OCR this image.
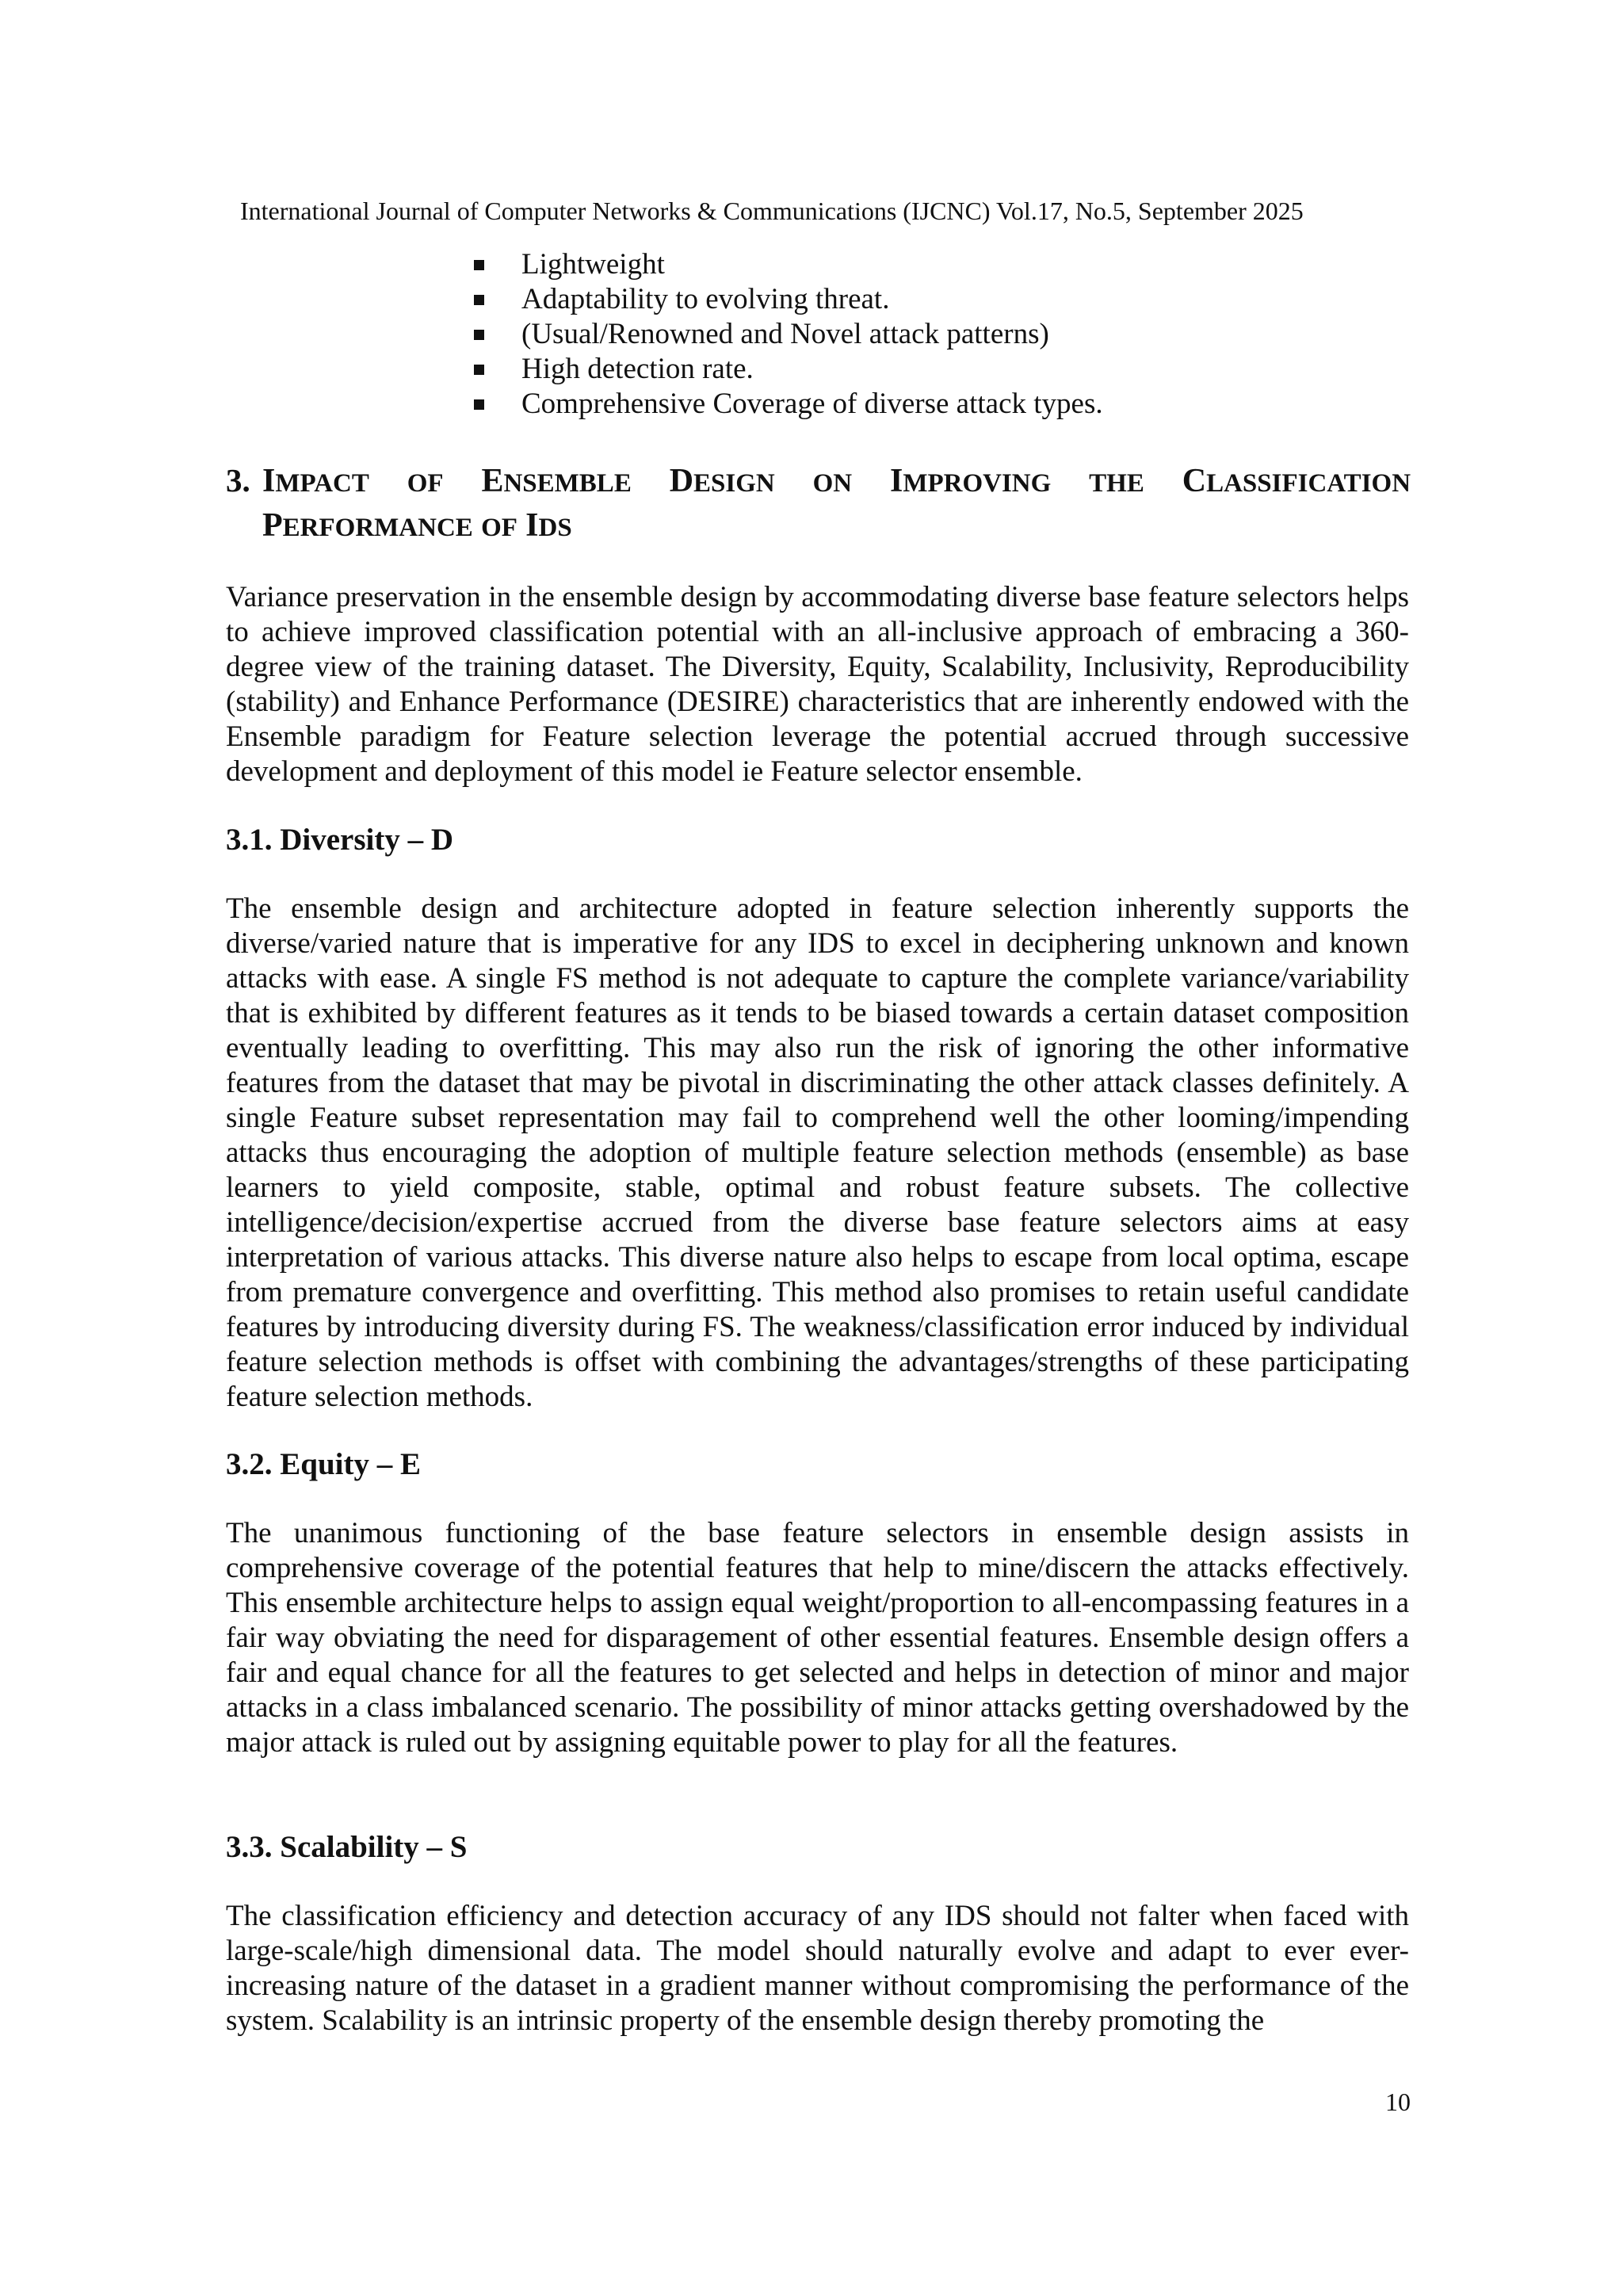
International Journal of Computer Networks & Communications (IJCNC) Vol.17, No.5, September 2025
Lightweight
Adaptability to evolving threat.
(Usual/Renowned and Novel attack patterns)
High detection rate.
Comprehensive Coverage of diverse attack types.
3. IMPACT OF ENSEMBLE DESIGN ON IMPROVING THE CLASSIFICATION
PERFORMANCE OF IDS

Variance preservation in the ensemble design by accommodating diverse base feature selectors helps to achieve improved classification potential with an all-inclusive approach of embracing a 360-degree view of the training dataset. The Diversity, Equity, Scalability, Inclusivity, Reproducibility (stability) and Enhance Performance (DESIRE) characteristics that are inherently endowed with the Ensemble paradigm for Feature selection leverage the potential accrued through successive development and deployment of this model ie Feature selector ensemble.

3.1. Diversity – D

The ensemble design and architecture adopted in feature selection inherently supports the diverse/varied nature that is imperative for any IDS to excel in deciphering unknown and known attacks with ease. A single FS method is not adequate to capture the complete variance/variability that is exhibited by different features as it tends to be biased towards a certain dataset composition eventually leading to overfitting. This may also run the risk of ignoring the other informative features from the dataset that may be pivotal in discriminating the other attack classes definitely. A single Feature subset representation may fail to comprehend well the other looming/impending attacks thus encouraging the adoption of multiple feature selection methods (ensemble) as base learners to yield composite, stable, optimal and robust feature subsets. The collective intelligence/decision/expertise accrued from the diverse base feature selectors aims at easy interpretation of various attacks. This diverse nature also helps to escape from local optima, escape from premature convergence and overfitting. This method also promises to retain useful candidate features by introducing diversity during FS. The weakness/classification error induced by individual feature selection methods is offset with combining the advantages/strengths of these participating feature selection methods.

3.2. Equity – E

The unanimous functioning of the base feature selectors in ensemble design assists in comprehensive coverage of the potential features that help to mine/discern the attacks effectively. This ensemble architecture helps to assign equal weight/proportion to all-encompassing features in a fair way obviating the need for disparagement of other essential features. Ensemble design offers a fair and equal chance for all the features to get selected and helps in detection of minor and major attacks in a class imbalanced scenario. The possibility of minor attacks getting overshadowed by the major attack is ruled out by assigning equitable power to play for all the features.

3.3. Scalability – S

The classification efficiency and detection accuracy of any IDS should not falter when faced with large-scale/high dimensional data. The model should naturally evolve and adapt to ever ever-increasing nature of the dataset in a gradient manner without compromising the performance of the system. Scalability is an intrinsic property of the ensemble design thereby promoting the

10
